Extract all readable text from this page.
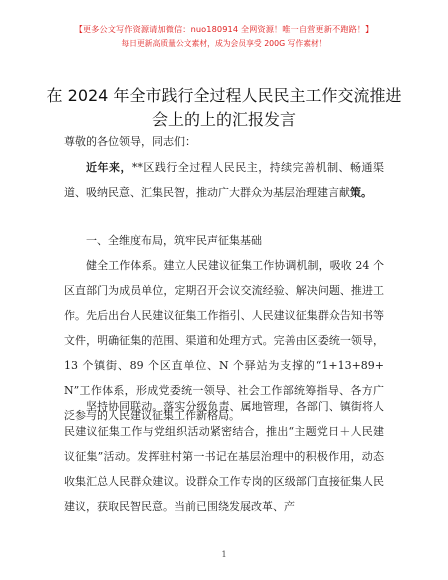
【更多公文写作资源请加微信：nuo180914 全网资源！唯一自营更新不跑路！】
每日更新高质量公文素材，成为会员享受 200G 写作素材！
在 2024 年全市践行全过程人民民主工作交流推进会上的上的汇报发言
尊敬的各位领导，同志们：
近年来，**区践行全过程人民民主，持续完善机制、畅通渠道、吸纳民意、汇集民智，推动广大群众为基层治理建言献策。
一、全维度布局，筑牢民声征集基础
健全工作体系。建立人民建议征集工作协调机制，吸收 24 个区直部门为成员单位，定期召开会议交流经验、解决问题、推进工作。先后出台人民建议征集工作指引、人民建议征集群众告知书等文件，明确征集的范围、渠道和处理方式。完善由区委统一领导，13 个镇街、89 个区直单位、N 个驿站为支撑的“1+13+89+N”工作体系，形成党委统一领导、社会工作部统筹指导、各方广泛参与的人民建议征集工作新格局。
坚持协同联动。落实分级负责、属地管理，各部门、镇街将人民建议征集工作与党组织活动紧密结合，推出“主题党日＋人民建议征集”活动。发挥驻村第一书记在基层治理中的积极作用，动态收集汇总人民群众建议。设群众工作专岗的区级部门直接征集人民建议，获取民智民意。当前已围绕发展改革、产
1
